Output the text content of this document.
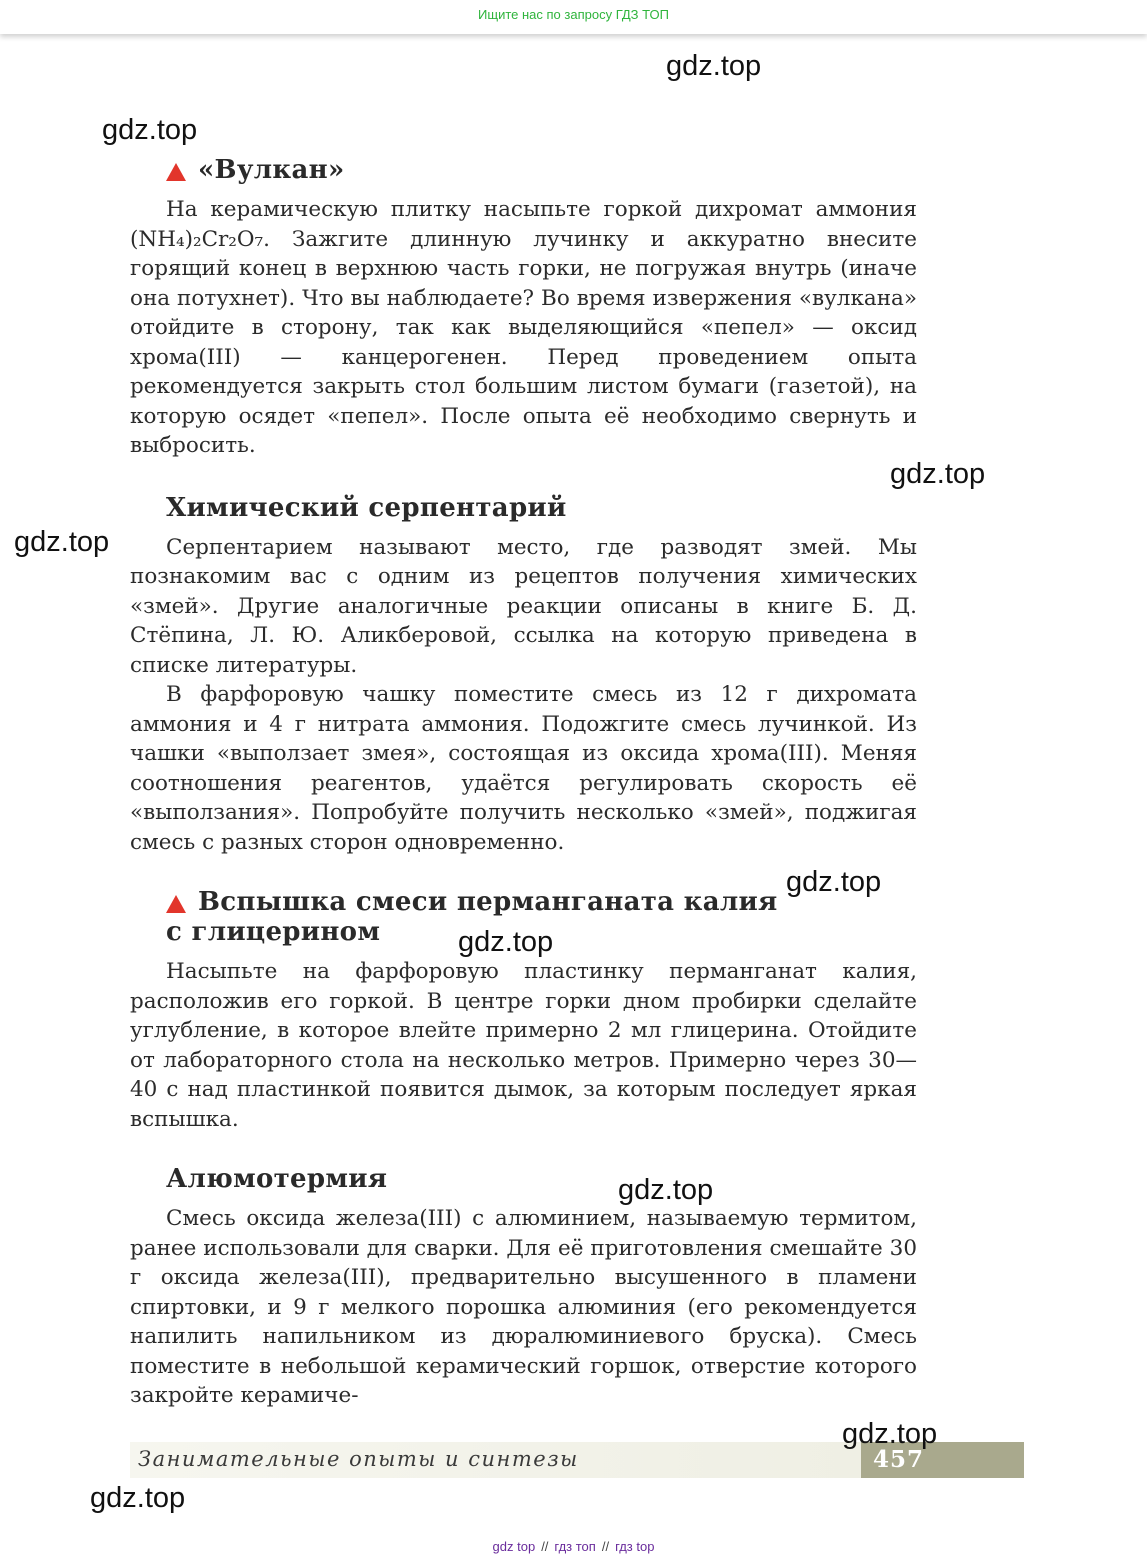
Ищите нас по запросу ГДЗ ТОП
gdz.top
gdz.top
gdz.top
gdz.top
gdz.top
gdz.top
gdz.top
gdz.top
gdz.top
«Вулкан»

На керамическую плитку насыпьте горкой дихромат аммония (NH₄)₂Cr₂O₇. Зажгите длинную лучинку и аккуратно внесите горящий конец в верхнюю часть горки, не погружая внутрь (иначе она потухнет). Что вы наблюдаете? Во время извержения «вулкана» отойдите в сторону, так как выделяющийся «пепел» — оксид хрома(III) — канцерогенен. Перед проведением опыта рекомендуется закрыть стол большим листом бумаги (газетой), на которую осядет «пепел». После опыта её необходимо свернуть и выбросить.

Химический серпентарий

Серпентарием называют место, где разводят змей. Мы познакомим вас с одним из рецептов получения химических «змей». Другие аналогичные реакции описаны в книге Б. Д. Стёпина, Л. Ю. Аликберовой, ссылка на которую приведена в списке литературы.

В фарфоровую чашку поместите смесь из 12 г дихромата аммония и 4 г нитрата аммония. Подожгите смесь лучинкой. Из чашки «выползает змея», состоящая из оксида хрома(III). Меняя соотношения реагентов, удаётся регулировать скорость её «выползания». Попробуйте получить несколько «змей», поджигая смесь с разных сторон одновременно.

Вспышка смеси перманганата калия
с глицерином

Насыпьте на фарфоровую пластинку перманганат калия, расположив его горкой. В центре горки дном пробирки сделайте углубление, в которое влейте примерно 2 мл глицерина. Отойдите от лабораторного стола на несколько метров. Примерно через 30—40 с над пластинкой появится дымок, за которым последует яркая вспышка.

Алюмотермия

Смесь оксида железа(III) с алюминием, называемую термитом, ранее использовали для сварки. Для её приготовления смешайте 30 г оксида железа(III), предварительно высушенного в пламени спиртовки, и 9 г мелкого порошка алюминия (его рекомендуется напилить напильником из дюралюминиевого бруска). Смесь поместите в небольшой керамический горшок, отверстие которого закройте керамиче-

Занимательные опыты и синтезы	457
gdz top // гдз топ // гдз top
